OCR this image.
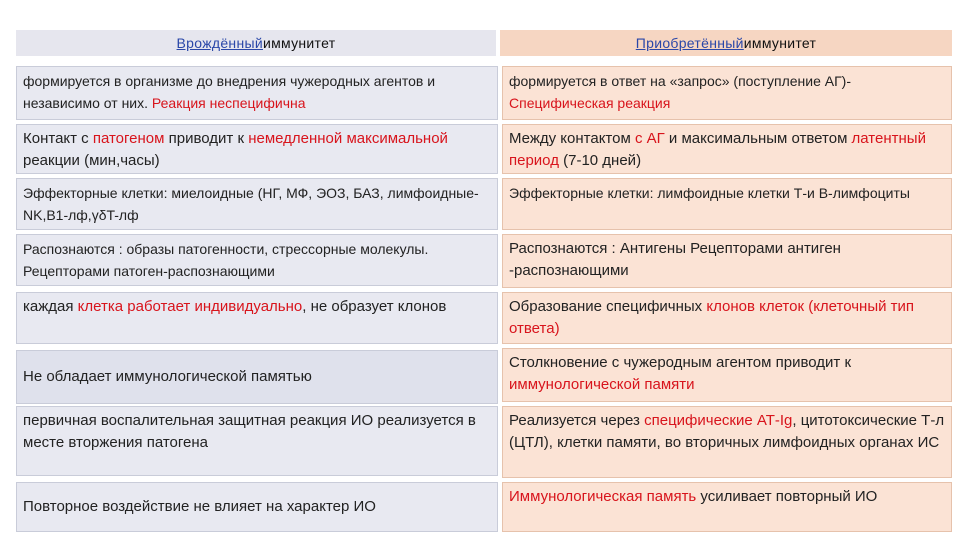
Врождённый иммунитет	Приобретённый иммунитет
формируется в организме до внедрения чужеродных агентов и независимо от них. Реакция неспецифична
формируется в ответ на «запрос» (поступление АГ)- Специфическая реакция
Контакт с патогеном приводит к немедленной максимальной реакции (мин,часы)
Между контактом с АГ и максимальным ответом латентный период (7-10 дней)
Эффекторные клетки: миелоидные (НГ, МФ, ЭОЗ, БАЗ, лимфоидные-NK,B1-лф,γδT-лф
Эффекторные клетки: лимфоидные клетки Т-и В-лимфоциты
Распознаются : образы патогенности, стрессорные молекулы. Рецепторами патоген-распознающими
Распознаются : Антигены Рецепторами антиген -распознающими
каждая клетка работает индивидуально, не образует клонов	Образование специфичных клонов клеток (клеточный тип ответа)
Не обладает иммунологической памятью
Столкновение с чужеродным агентом приводит к иммунологической памяти
первичная воспалительная защитная реакция ИО реализуется в месте вторжения патогена
Реализуется через специфические АТ-Ig, цитотоксические Т-л (ЦТЛ), клетки памяти, во вторичных лимфоидных органах ИС
Повторное воздействие не влияет на характер ИО
Иммунологическая память усиливает повторный ИО
